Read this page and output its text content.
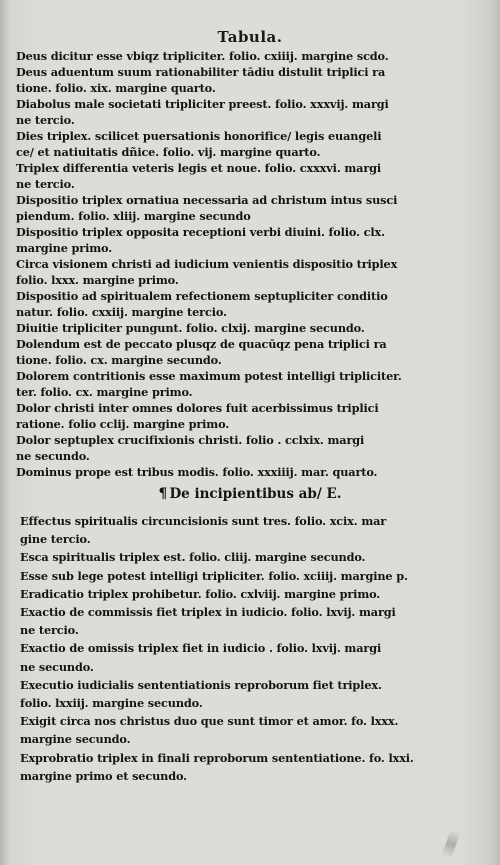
Tabula.
Deus dicitur esse vbiqz tripliciter. folio. cxiiij. margine scdo.
Deus aduentum suum rationabiliter tādiu distulit triplici ra
tione. folio. xix. margine quarto.
Diabolus male societati tripliciter preest. folio. xxxvij. margi
ne tercio.
Dies triplex. scilicet puersationis honorifice/ legis euangeli
ce/ et natiuitatis dñice. folio. vij. margine quarto.
Triplex differentia veteris legis et noue. folio. cxxxvi. margi
ne tercio.
Dispositio triplex ornatiua necessaria ad christum intus susci
piendum. folio. xliij. margine secundo
Dispositio triplex opposita receptioni verbi diuini. folio. clx.
margine primo.
Circa visionem christi ad iudicium venientis dispositio triplex
folio. lxxx. margine primo.
Dispositio ad spiritualem refectionem septupliciter conditio
natur. folio. cxxiij. margine tercio.
Diuitie tripliciter pungunt. folio. clxij. margine secundo.
Dolendum est de peccato plusqz de quacūqz pena triplici ra
tione. folio. cx. margine secundo.
Dolorem contritionis esse maximum potest intelligi tripliciter.
ter. folio. cx. margine primo.
Dolor christi inter omnes dolores fuit acerbissimus triplici
ratione. folio cclij. margine primo.
Dolor septuplex crucifixionis christi. folio . cclxix. margi
ne secundo.
Dominus prope est tribus modis. folio. xxxiiij. mar. quarto.
¶ De incipientibus ab/ E.
Effectus spiritualis circuncisionis sunt tres. folio. xcix. mar
gine tercio.
Esca spiritualis triplex est. folio. cliij. margine secundo.
Esse sub lege potest intelligi tripliciter. folio. xciiij. margine p.
Eradicatio triplex prohibetur. folio. cxlviij. margine primo.
Exactio de commissis fiet triplex in iudicio. folio. lxvij. margi
ne tercio.
Exactio de omissis triplex fiet in iudicio . folio. lxvij. margi
ne secundo.
Executio iudicialis sententiationis reproborum fiet triplex.
folio. lxxiij. margine secundo.
Exigit circa nos christus duo que sunt timor et amor. fo. lxxx.
margine secundo.
Exprobratio triplex in finali reproborum sententiatione. fo. lxxi.
margine primo et secundo.
